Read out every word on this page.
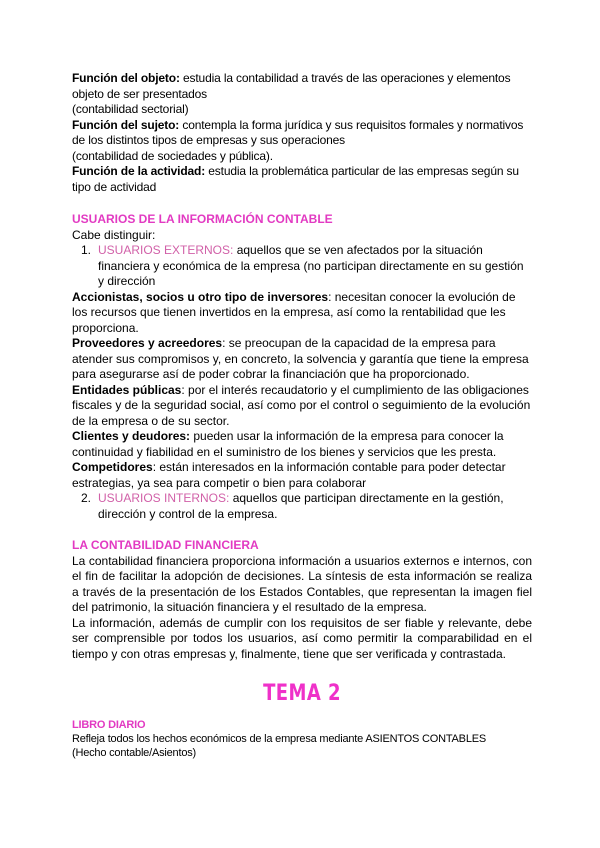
Función del objeto: estudia la contabilidad a través de las operaciones y elementos objeto de ser presentados

(contabilidad sectorial)

Función del sujeto: contempla la forma jurídica y sus requisitos formales y normativos de los distintos tipos de empresas y sus operaciones

(contabilidad de sociedades y pública).

Función de la actividad: estudia la problemática particular de las empresas según su tipo de actividad

USUARIOS DE LA INFORMACIÓN CONTABLE

Cabe distinguir:

1. USUARIOS EXTERNOS: aquellos que se ven afectados por la situación financiera y económica de la empresa (no participan directamente en su gestión y dirección

Accionistas, socios u otro tipo de inversores: necesitan conocer la evolución de los recursos que tienen invertidos en la empresa, así como la rentabilidad que les proporciona.

Proveedores y acreedores: se preocupan de la capacidad de la empresa para atender sus compromisos y, en concreto, la solvencia y garantía que tiene la empresa para asegurarse así de poder cobrar la financiación que ha proporcionado.

Entidades públicas: por el interés recaudatorio y el cumplimiento de las obligaciones fiscales y de la seguridad social, así como por el control o seguimiento de la evolución de la empresa o de su sector.

Clientes y deudores: pueden usar la información de la empresa para conocer la continuidad y fiabilidad en el suministro de los bienes y servicios que les presta.

Competidores: están interesados en la información contable para poder detectar estrategias, ya sea para competir o bien para colaborar

2. USUARIOS INTERNOS: aquellos que participan directamente en la gestión, dirección y control de la empresa.

LA CONTABILIDAD FINANCIERA

La contabilidad financiera proporciona información a usuarios externos e internos, con el fin de facilitar la adopción de decisiones. La síntesis de esta información se realiza a través de la presentación de los Estados Contables, que representan la imagen fiel del patrimonio, la situación financiera y el resultado de la empresa.

La información, además de cumplir con los requisitos de ser fiable y relevante, debe ser comprensible por todos los usuarios, así como permitir la comparabilidad en el tiempo y con otras empresas y, finalmente, tiene que ser verificada y contrastada.

TEMA 2

LIBRO DIARIO

Refleja todos los hechos económicos de la empresa mediante ASIENTOS CONTABLES

(Hecho contable/Asientos)
